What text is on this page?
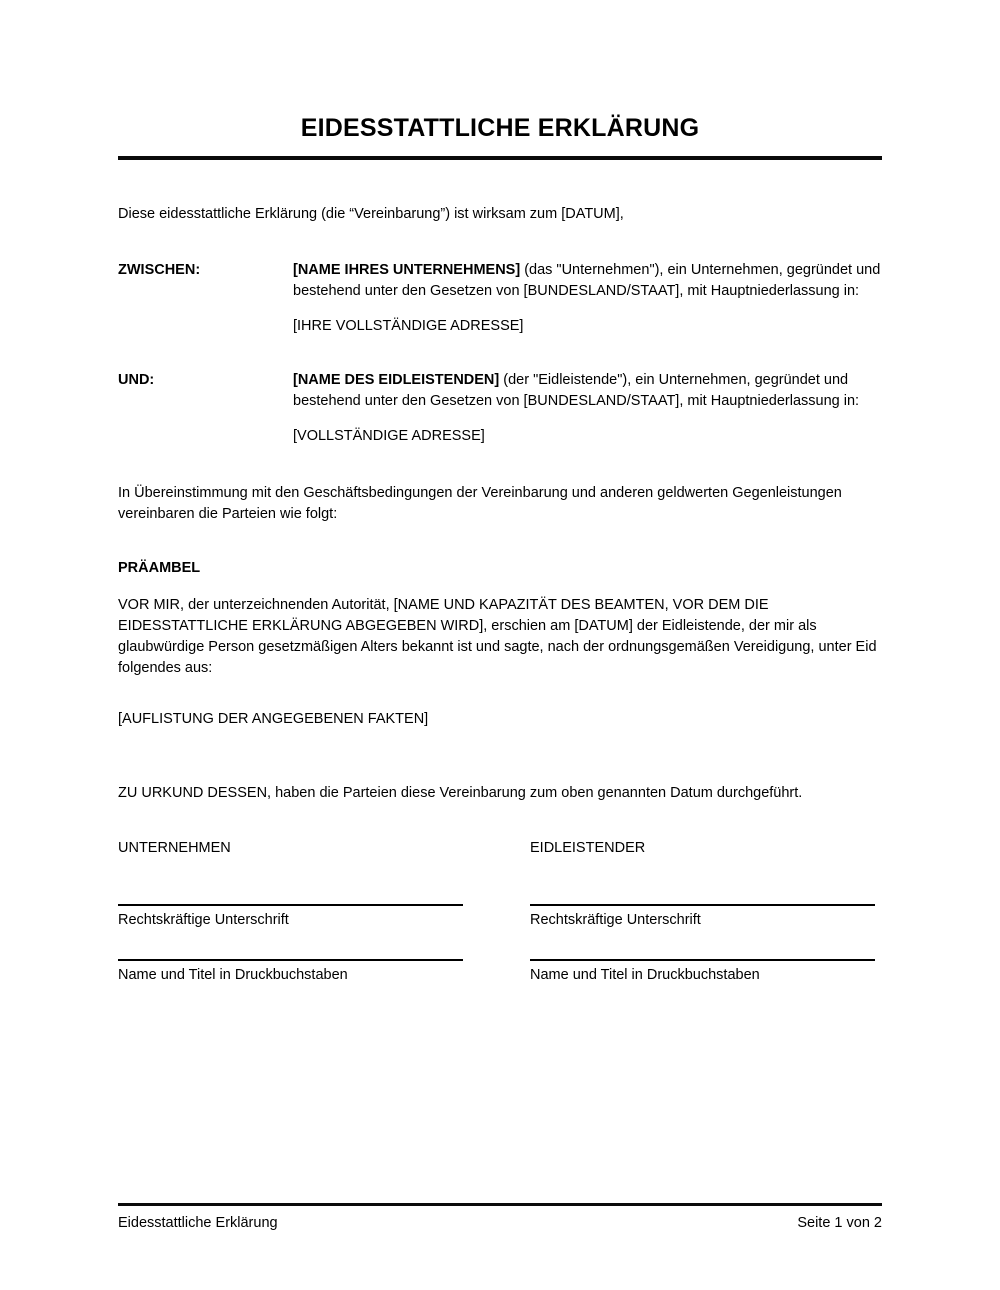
EIDESSTATTLICHE ERKLÄRUNG

Diese eidesstattliche Erklärung (die “Vereinbarung”) ist wirksam zum [DATUM],

ZWISCHEN:	[NAME IHRES UNTERNEHMENS] (das "Unternehmen"), ein Unternehmen, gegründet und bestehend unter den Gesetzen von [BUNDESLAND/STAAT], mit Hauptniederlassung in:

[IHRE VOLLSTÄNDIGE ADRESSE]

UND:	[NAME DES EIDLEISTENDEN] (der "Eidleistende"), ein Unternehmen, gegründet und bestehend unter den Gesetzen von [BUNDESLAND/STAAT], mit Hauptniederlassung in:

[VOLLSTÄNDIGE ADRESSE]

In Übereinstimmung mit den Geschäftsbedingungen der Vereinbarung und anderen geldwerten Gegenleistungen vereinbaren die Parteien wie folgt:

PRÄAMBEL

VOR MIR, der unterzeichnenden Autorität, [NAME UND KAPAZITÄT DES BEAMTEN, VOR DEM DIE EIDESSTATTLICHE ERKLÄRUNG ABGEGEBEN WIRD], erschien am [DATUM] der Eidleistende, der mir als glaubwürdige Person gesetzmäßigen Alters bekannt ist und sagte, nach der ordnungsgemäßen Vereidigung, unter Eid folgendes aus:

[AUFLISTUNG DER ANGEGEBENEN FAKTEN]

ZU URKUND DESSEN, haben die Parteien diese Vereinbarung zum oben genannten Datum durchgeführt.

UNTERNEHMEN
Rechtskräftige Unterschrift
Name und Titel in Druckbuchstaben
EIDLEISTENDER
Rechtskräftige Unterschrift
Name und Titel in Druckbuchstaben
Eidesstattliche Erklärung	Seite 1 von 2
